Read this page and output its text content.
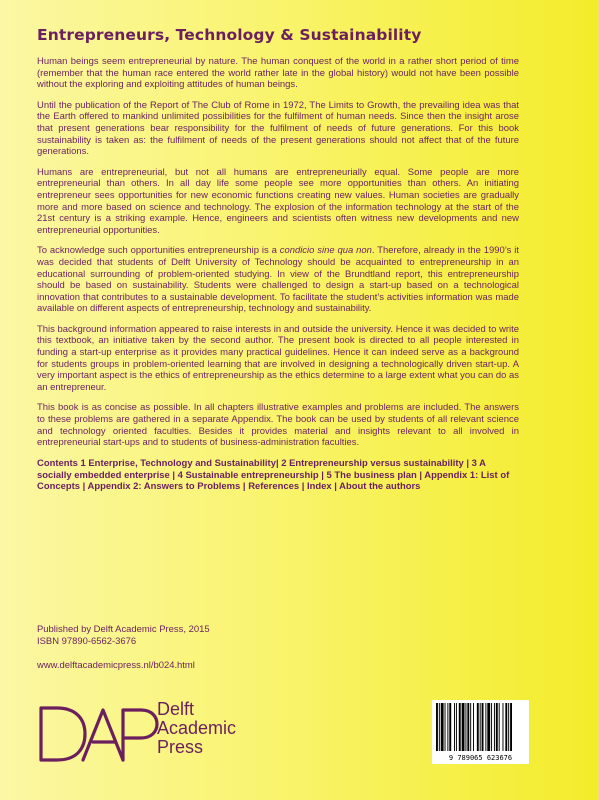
Entrepreneurs, Technology & Sustainability

Human beings seem entrepreneurial by nature. The human conquest of the world in a rather short period of time (remember that the human race entered the world rather late in the global history) would not have been possible without the exploring and exploiting attitudes of human beings.

Until the publication of the Report of The Club of Rome in 1972, The Limits to Growth, the prevailing idea was that the Earth offered to mankind unlimited possibilities for the fulfilment of human needs. Since then the insight arose that present generations bear responsibility for the fulfilment of needs of future generations. For this book sustainability is taken as: the fulfilment of needs of the present generations should not affect that of the future generations.

Humans are entrepreneurial, but not all humans are entrepreneurially equal. Some people are more entrepreneurial than others. In all day life some people see more opportunities than others. An initiating entrepreneur sees opportunities for new economic functions creating new values. Human societies are gradually more and more based on science and technology. The explosion of the information technology at the start of the 21st century is a striking example. Hence, engineers and scientists often witness new developments and new entrepreneurial opportunities.

To acknowledge such opportunities entrepreneurship is a condicio sine qua non. Therefore, already in the 1990’s it was decided that students of Delft University of Technology should be acquainted to entrepreneurship in an educational surrounding of problem-oriented studying. In view of the Brundtland report, this entrepreneurship should be based on sustainability. Students were challenged to design a start-up based on a technological innovation that contributes to a sustainable development. To facilitate the student’s activities information was made available on different aspects of entrepreneurship, technology and sustainability.

This background information appeared to raise interests in and outside the university. Hence it was decided to write this textbook, an initiative taken by the second author. The present book is directed to all people interested in funding a start-up enterprise as it provides many practical guidelines. Hence it can indeed serve as a background for students groups in problem-oriented learning that are involved in designing a technologically driven start-up. A very important aspect is the ethics of entrepreneurship as the ethics determine to a large extent what you can do as an entrepreneur.

This book is as concise as possible. In all chapters illustrative examples and problems are included. The answers to these problems are gathered in a separate Appendix. The book can be used by students of all relevant science and technology oriented faculties. Besides it provides material and insights relevant to all involved in entrepreneurial start-ups and to students of business-administration faculties.

Contents 1 Enterprise, Technology and Sustainability| 2 Entrepreneurship versus sustainability | 3 A socially embedded enterprise | 4 Sustainable entrepreneurship | 5 The business plan | Appendix 1: List of Concepts | Appendix 2: Answers to Problems | References | Index | About the authors

Published by Delft Academic Press, 2015
ISBN 97890-6562-3676
www.delftacademicpress.nl/b024.html
Delft
Academic
Press
9 789065 623676
